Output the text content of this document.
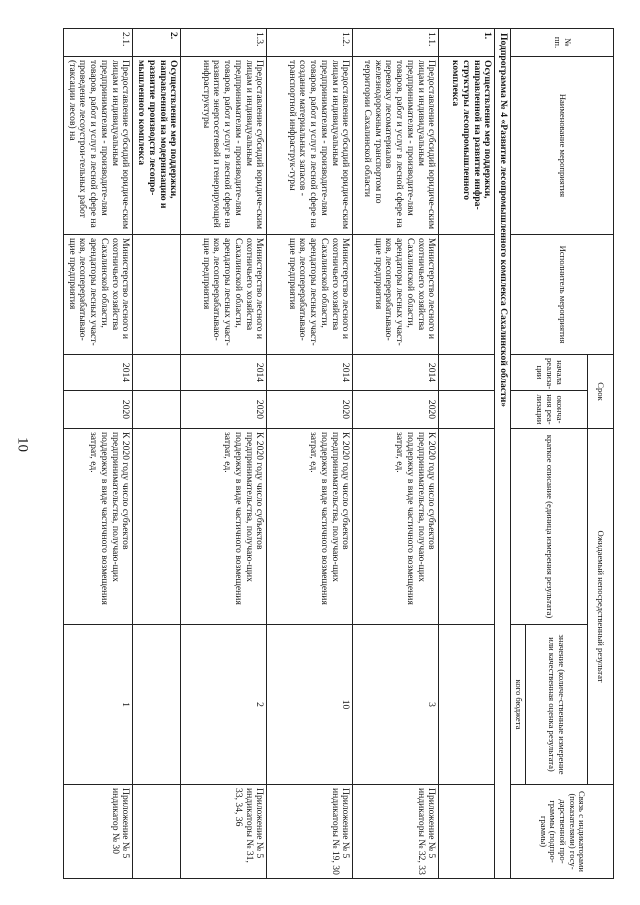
10
№ пп.	Наименование мероприятия	Исполнитель мероприятия	Срок		Ожидаемый непосредственный результат		Связь с индикаторами (показателями) госу-дарственной про-граммы (подпро-граммы)
			начала реализа-ции	оконча-ния реа-лизации	краткое описание (единица измерения результата)	значение (количе-ственные измерение или качественная оценка результата)	
						кого бюджета	
Подпрограмма № 4 «Развитие лесопромышленного комплекса Сахалинской области»							
1.	Осуществление мер поддержки, направленной на развитие инфра-структуры лесопромышленного комплекса						
1.1.	Предоставление субсидий юридиче-ским лицам и индивидуальным предпринимателям - производите-лям товаров, работ и услуг в лесной сфере на перевозку лесоматериалов железнодорожным транспортом по территории Сахалинской области	Министерство лесного и охотничьего хозяйства Сахалинской области, арендаторы лесных участ-ков, лесоперерабатываю-щие предприятия	2014	2020	К 2020 году число субъектов предпринимательства, получаю-щих поддержку в виде частичного возмещения затрат, ед.	3	Приложение № 5 индикаторы № 32, 33
1.2.	Предоставление субсидий юридиче-ским лицам и индивидуальным предпринимателям - производите-лям товаров, работ и услуг в лесной сфере на создание материальных запасов - транспортной инфраструк-туры	Министерство лесного и охотничьего хозяйства Сахалинской области, арендаторы лесных участ-ков, лесоперерабатываю-щие предприятия	2014	2020	К 2020 году число субъектов предпринимательства, получаю-щих поддержку в виде частичного возмещения затрат, ед.	10	Приложение № 5 индикаторы № 19, 30
1.3.	Предоставление субсидий юридиче-ским лицам и индивидуальным предпринимателям - производите-лям товаров, работ и услуг в лесной сфере на развитие энергосетевой и генерирующей инфраструктуры	Министерство лесного и охотничьего хозяйства Сахалинской области, арендаторы лесных участ-ков, лесоперерабатываю-щие предприятия	2014	2020	К 2020 году число субъектов предпринимательства, получаю-щих поддержку в виде частичного возмещения затрат, ед.	2	Приложение № 5 индикаторы № 31, 33, 34, 36
2.	Осуществление мер поддержки, направленной на модернизацию и развитие производств лесопро-мышленного комплекса						
2.1.	Предоставление субсидий юридиче-ским лицам и индивидуальным предпринимателям - производите-лям товаров, работ и услуг в лесной сфере на проведение лесоустрои-тельных работ (таксации лесов) на	Министерство лесного и охотничьего хозяйства Сахалинской области, арендаторы лесных участ-ков, лесоперерабатываю-щие предприятия	2014	2020	К 2020 году число субъектов предпринимательства, получаю-щих поддержку в виде частичного возмещения затрат, ед.	1	Приложение № 5 индикатор № 30
